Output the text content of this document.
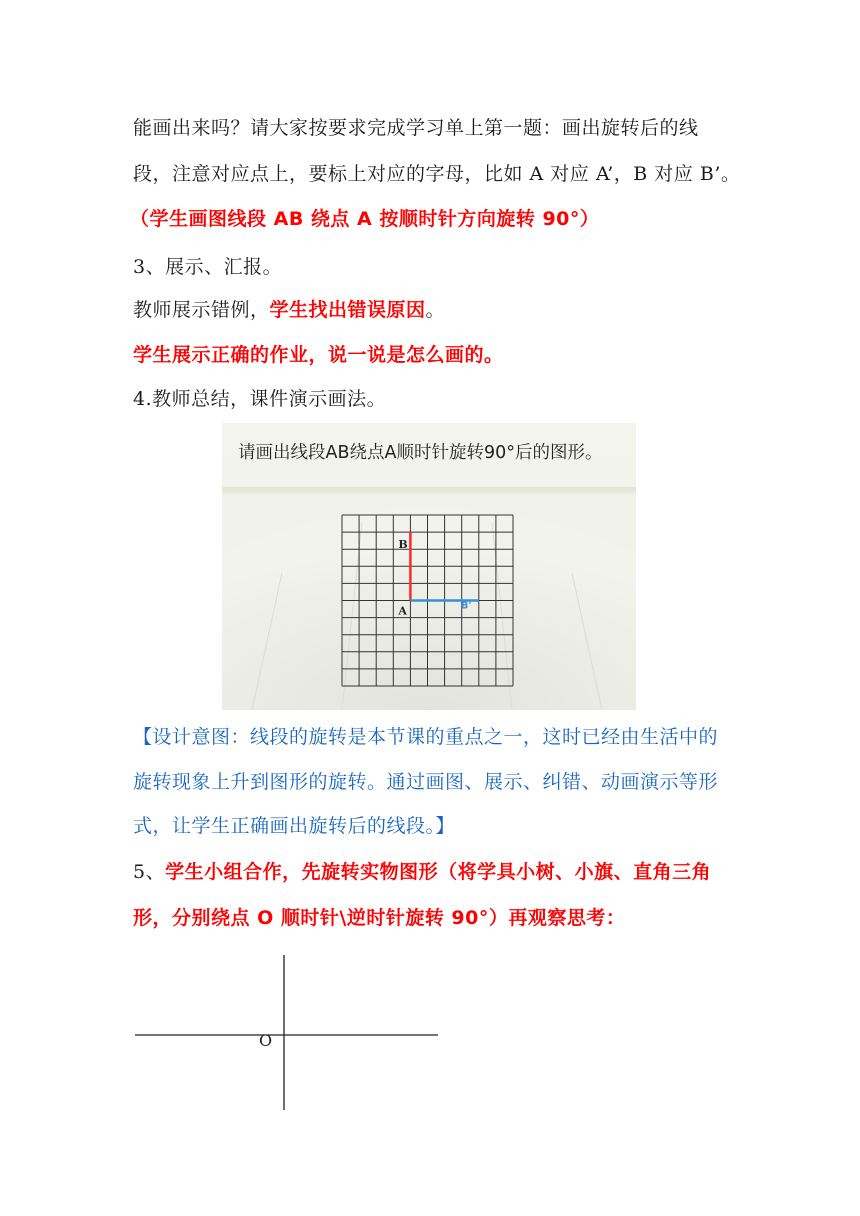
能画出来吗？请大家按要求完成学习单上第一题：画出旋转后的线
段，注意对应点上，要标上对应的字母，比如 A 对应 A’，B 对应 B’。
（学生画图线段 AB 绕点 A 按顺时针方向旋转 90°）
3、展示、汇报。
教师展示错例，学生找出错误原因。
学生展示正确的作业，说一说是怎么画的。
4.教师总结，课件演示画法。
请画出线段AB绕点A顺时针旋转90°后的图形。
B
A	B'
【设计意图：线段的旋转是本节课的重点之一，这时已经由生活中的
旋转现象上升到图形的旋转。通过画图、展示、纠错、动画演示等形
式，让学生正确画出旋转后的线段。】
5、学生小组合作，先旋转实物图形（将学具小树、小旗、直角三角
形，分别绕点 O 顺时针\逆时针旋转 90°）再观察思考：
O
